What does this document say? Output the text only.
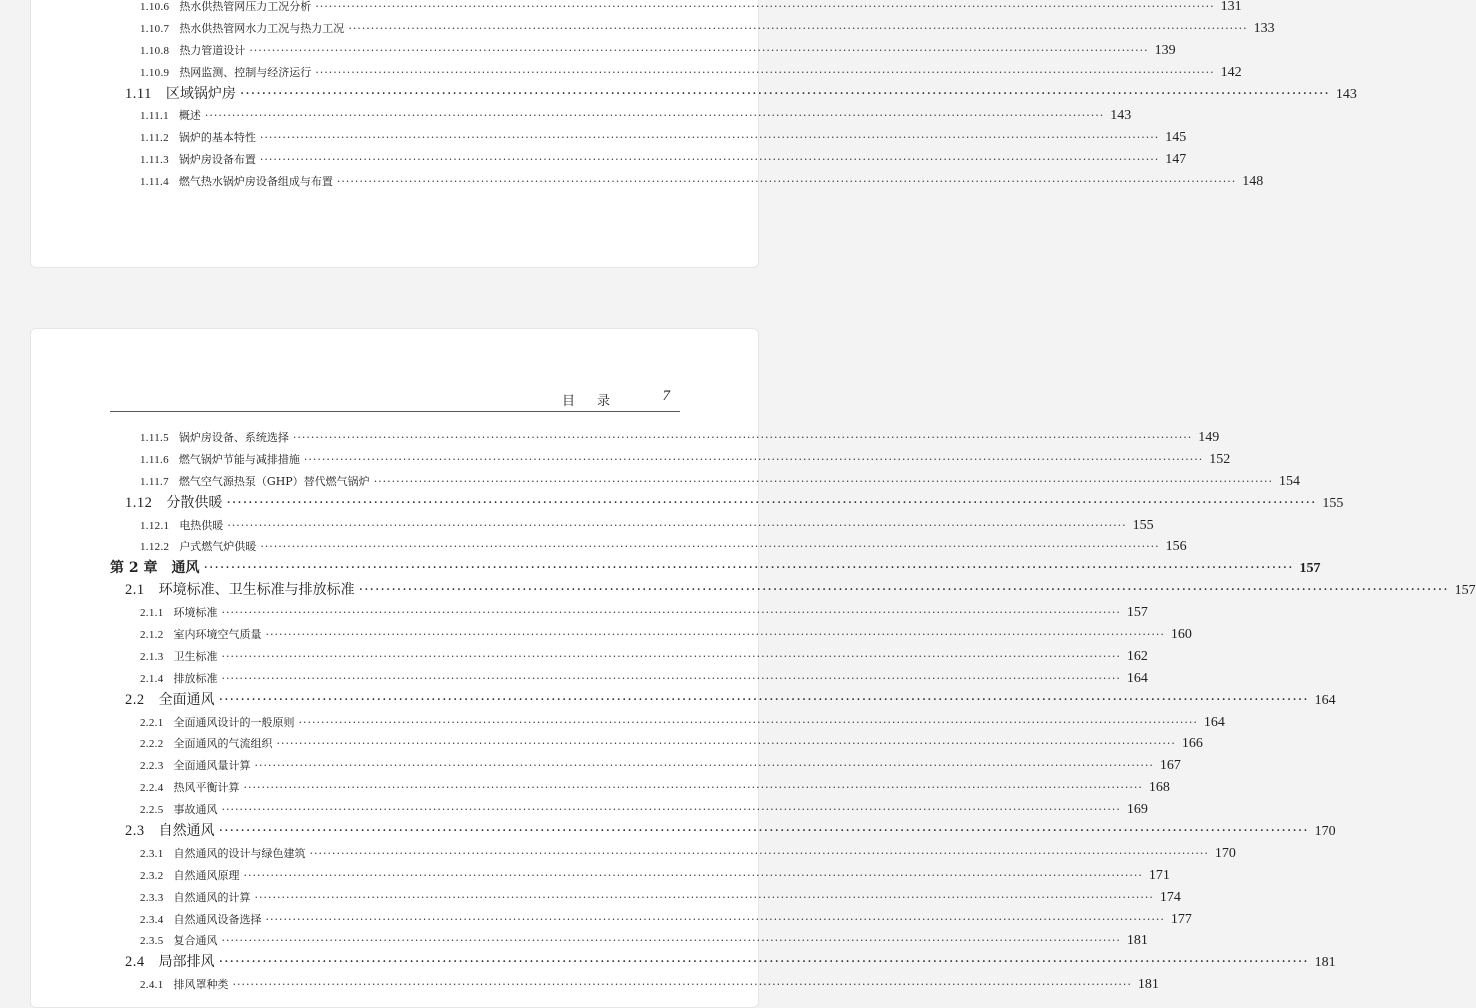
1.10.6 热水供热管网压力工况分析 ········································································································································································································ 131
1.10.7 热水供热管网水力工况与热力工况 ········································································································································································································ 133
1.10.8 热力管道设计 ········································································································································································································ 139
1.10.9 热网监测、控制与经济运行 ········································································································································································································ 142
1.11 区域锅炉房 ········································································································································································································ 143
1.11.1 概述 ········································································································································································································ 143
1.11.2 锅炉的基本特性 ········································································································································································································ 145
1.11.3 锅炉房设备布置 ········································································································································································································ 147
1.11.4 燃气热水锅炉房设备组成与布置 ········································································································································································································ 148
目录 7
1.11.5 锅炉房设备、系统选择 ········································································································································································································ 149
1.11.6 燃气锅炉节能与减排措施 ········································································································································································································ 152
1.11.7 燃气空气源热泵（GHP）替代燃气锅炉 ········································································································································································································ 154
1.12 分散供暖 ········································································································································································································ 155
1.12.1 电热供暖 ········································································································································································································ 155
1.12.2 户式燃气炉供暖 ········································································································································································································ 156
第 2 章 通风 ········································································································································································································ 157
2.1 环境标准、卫生标准与排放标准 ········································································································································································································ 157
2.1.1 环境标准 ········································································································································································································ 157
2.1.2 室内环境空气质量 ········································································································································································································ 160
2.1.3 卫生标准 ········································································································································································································ 162
2.1.4 排放标准 ········································································································································································································ 164
2.2 全面通风 ········································································································································································································ 164
2.2.1 全面通风设计的一般原则 ········································································································································································································ 164
2.2.2 全面通风的气流组织 ········································································································································································································ 166
2.2.3 全面通风量计算 ········································································································································································································ 167
2.2.4 热风平衡计算 ········································································································································································································ 168
2.2.5 事故通风 ········································································································································································································ 169
2.3 自然通风 ········································································································································································································ 170
2.3.1 自然通风的设计与绿色建筑 ········································································································································································································ 170
2.3.2 自然通风原理 ········································································································································································································ 171
2.3.3 自然通风的计算 ········································································································································································································ 174
2.3.4 自然通风设备选择 ········································································································································································································ 177
2.3.5 复合通风 ········································································································································································································ 181
2.4 局部排风 ········································································································································································································ 181
2.4.1 排风罩种类 ········································································································································································································ 181
